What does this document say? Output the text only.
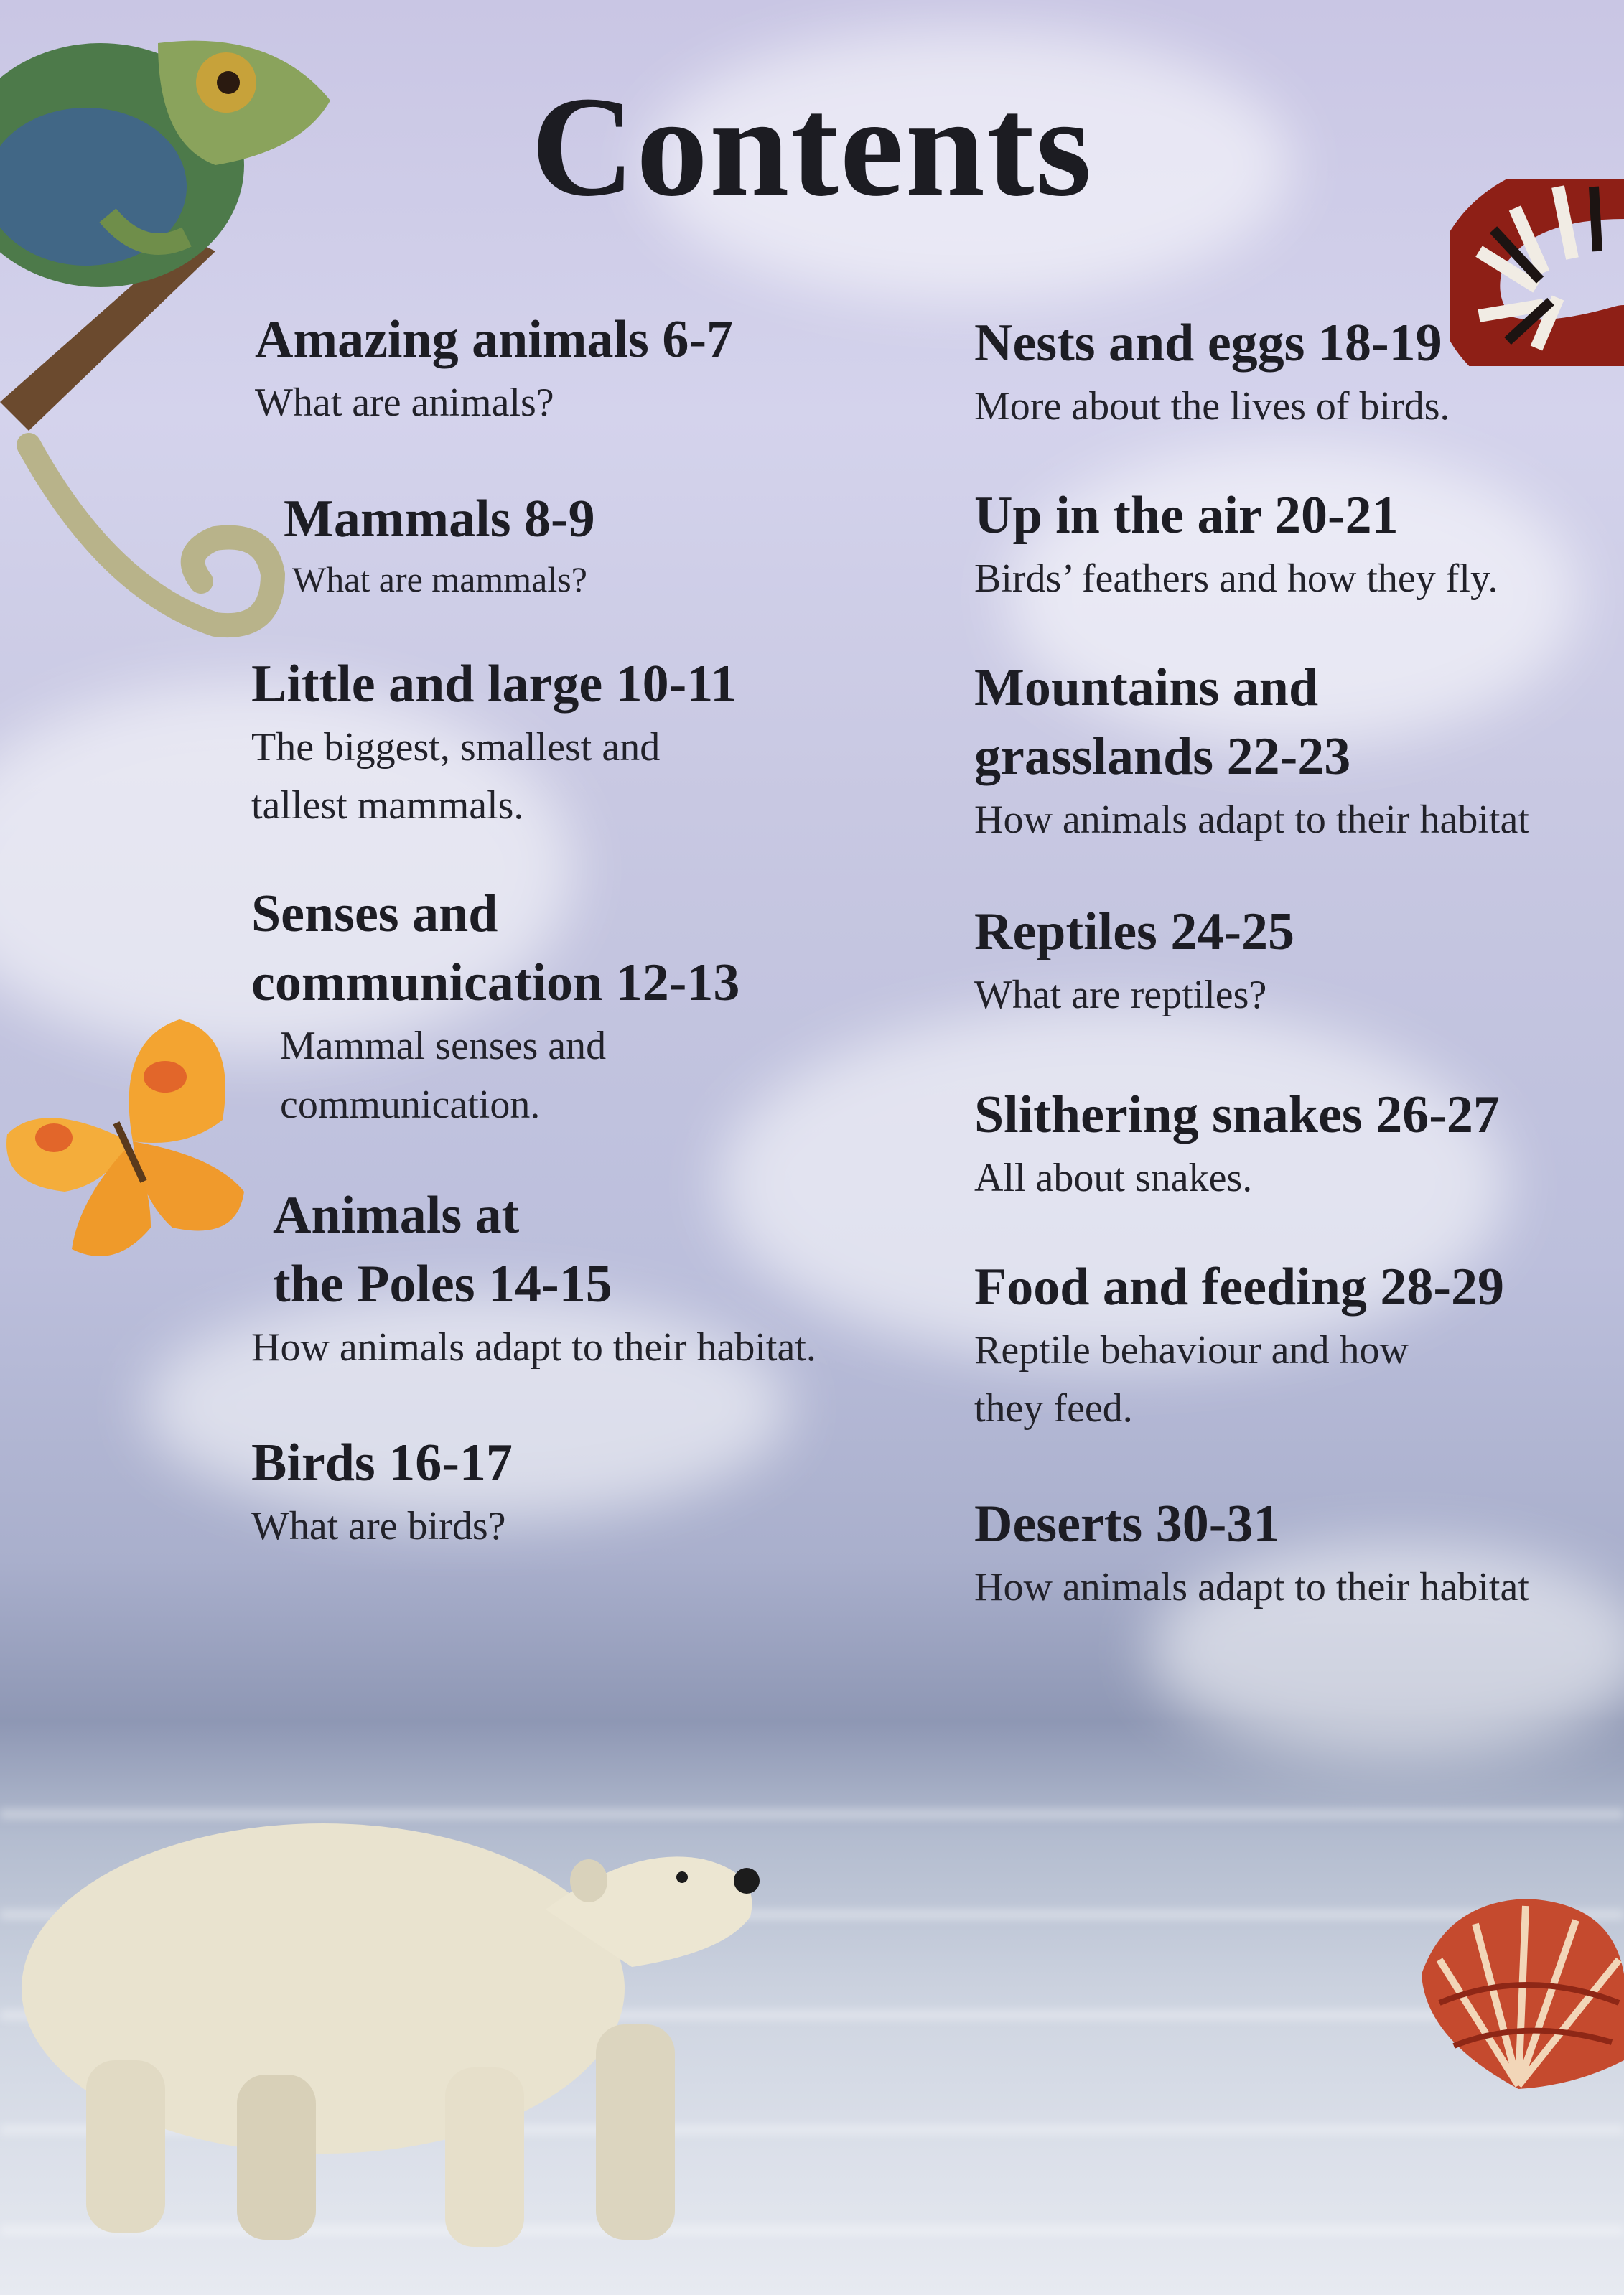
Contents
Amazing animals 6-7
What are animals?
Mammals 8-9
What are mammals?
Little and large 10-11
The biggest, smallest and
tallest mammals.
Senses and
communication 12-13
Mammal senses and
communication.
Animals at
the Poles 14-15
How animals adapt to their habitat.
Birds 16-17
What are birds?
Nests and eggs 18-19
More about the lives of birds.
Up in the air 20-21
Birds’ feathers and how they fly.
Mountains and
grasslands 22-23
How animals adapt to their habitat
Reptiles 24-25
What are reptiles?
Slithering snakes 26-27
All about snakes.
Food and feeding 28-29
Reptile behaviour and how
they feed.
Deserts 30-31
How animals adapt to their habitat
